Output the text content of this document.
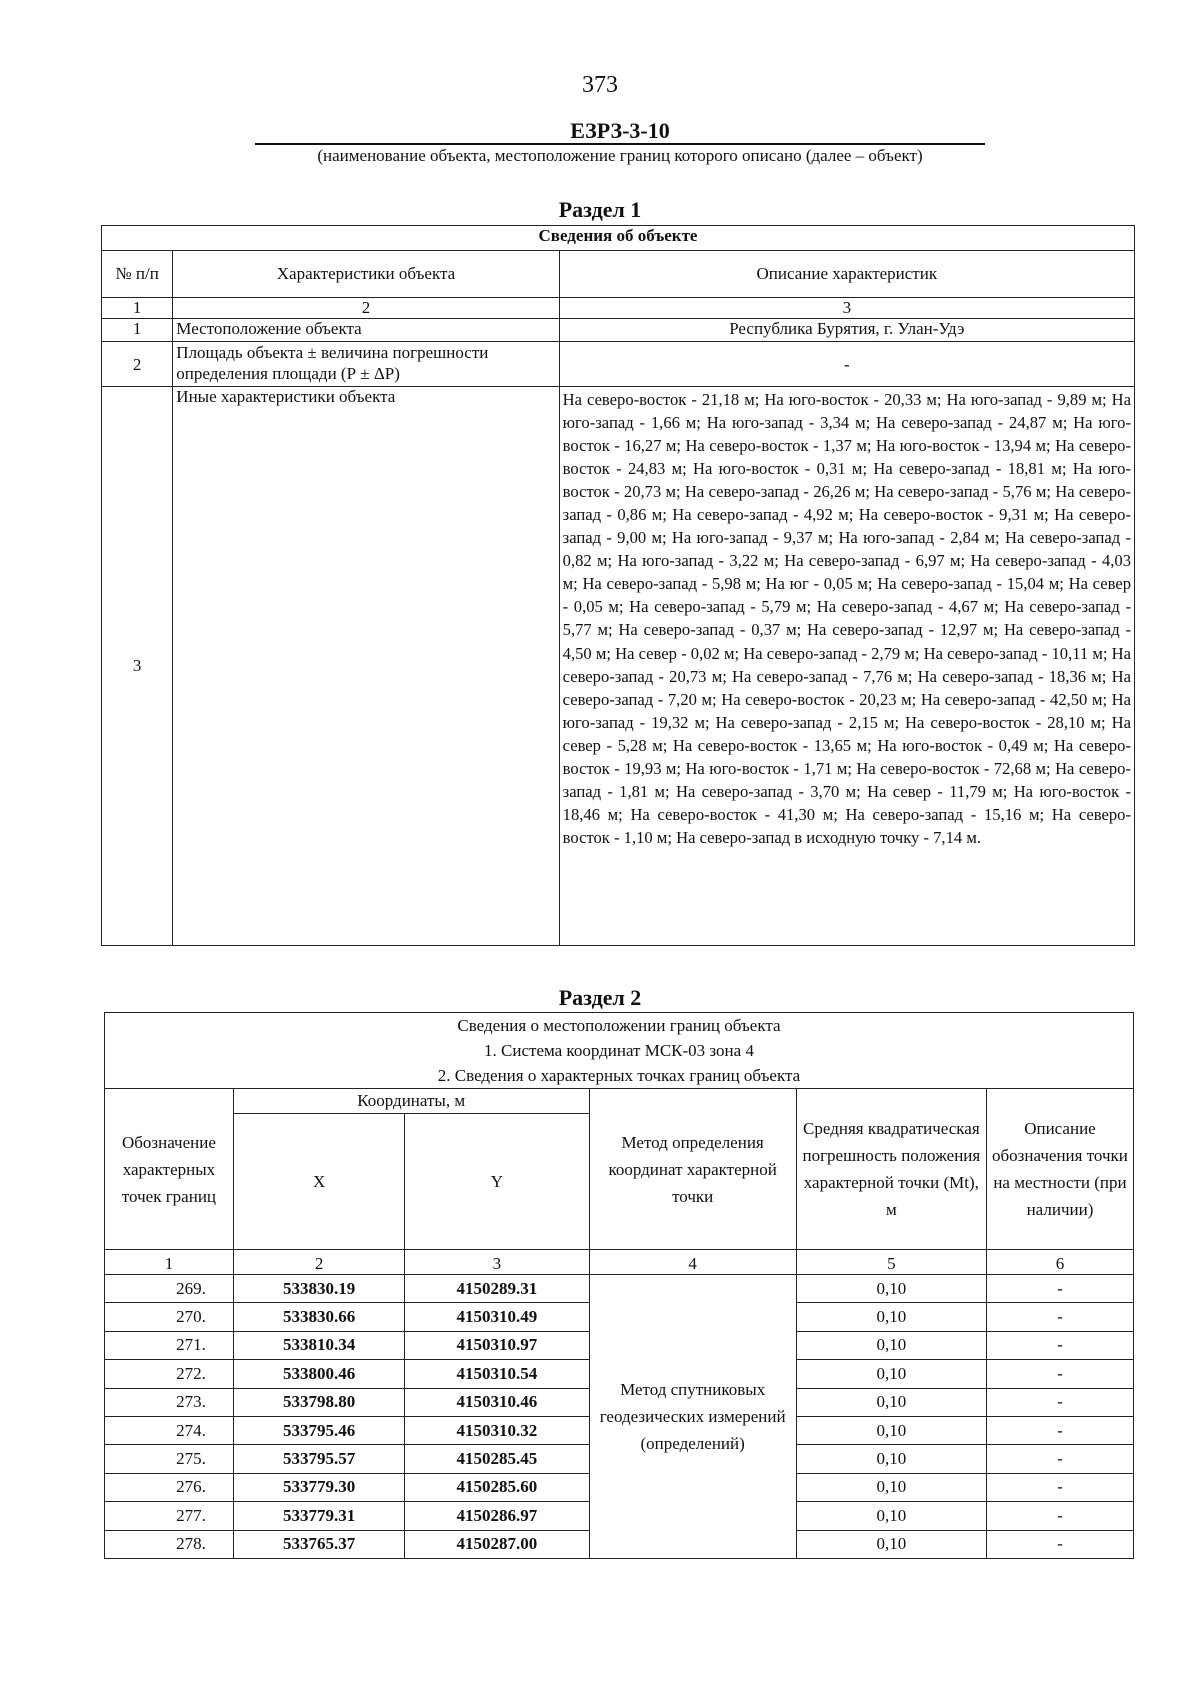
373
ЕЗРЗ-3-10
(наименование объекта, местоположение границ которого описано (далее – объект)
Раздел 1
Сведения об объекте		
№ п/п	Характеристики объекта	Описание характеристик
1	2	3
1	Местоположение объекта	Республика Бурятия, г. Улан-Удэ
2	Площадь объекта ± величина погрешности определения площади (Р ± ΔР)	-
3	Иные характеристики объекта	На северо-восток - 21,18 м; На юго-восток - 20,33 м; На юго-запад - 9,89 м; На юго-запад - 1,66 м; На юго-запад - 3,34 м; На северо-запад - 24,87 м; На юго-восток - 16,27 м; На северо-восток - 1,37 м; На юго-восток - 13,94 м; На северо-восток - 24,83 м; На юго-восток - 0,31 м; На северо-запад - 18,81 м; На юго-восток - 20,73 м; На северо-запад - 26,26 м; На северо-запад - 5,76 м; На северо-запад - 0,86 м; На северо-запад - 4,92 м; На северо-восток - 9,31 м; На северо-запад - 9,00 м; На юго-запад - 9,37 м; На юго-запад - 2,84 м; На северо-запад - 0,82 м; На юго-запад - 3,22 м; На северо-запад - 6,97 м; На северо-запад - 4,03 м; На северо-запад - 5,98 м; На юг - 0,05 м; На северо-запад - 15,04 м; На север - 0,05 м; На северо-запад - 5,79 м; На северо-запад - 4,67 м; На северо-запад - 5,77 м; На северо-запад - 0,37 м; На северо-запад - 12,97 м; На северо-запад - 4,50 м; На север - 0,02 м; На северо-запад - 2,79 м; На северо-запад - 10,11 м; На северо-запад - 20,73 м; На северо-запад - 7,76 м; На северо-запад - 18,36 м; На северо-запад - 7,20 м; На северо-восток - 20,23 м; На северо-запад - 42,50 м; На юго-запад - 19,32 м; На северо-запад - 2,15 м; На северо-восток - 28,10 м; На север - 5,28 м; На северо-восток - 13,65 м; На юго-восток - 0,49 м; На северо-восток - 19,93 м; На юго-восток - 1,71 м; На северо-восток - 72,68 м; На северо-запад - 1,81 м; На северо-запад - 3,70 м; На север - 11,79 м; На юго-восток - 18,46 м; На северо-восток - 41,30 м; На северо-запад - 15,16 м; На северо-восток - 1,10 м; На северо-запад в исходную точку - 7,14 м.
Раздел 2
Сведения о местоположении границ объекта					
1. Система координат МСК-03 зона 4					
2. Сведения о характерных точках границ объекта					
Обозначение характерных точек границ	Координаты, м		Метод определения координат характерной точки	Средняя квадратическая погрешность положения характерной точки (Mt), м	Описание обозначения точки на местности (при наличии)
	X	Y			
1	2	3	4	5	6
269.	533830.19	4150289.31	Метод спутниковых геодезических измерений (определений)	0,10	-
270.	533830.66	4150310.49		0,10	-
271.	533810.34	4150310.97		0,10	-
272.	533800.46	4150310.54		0,10	-
273.	533798.80	4150310.46		0,10	-
274.	533795.46	4150310.32		0,10	-
275.	533795.57	4150285.45		0,10	-
276.	533779.30	4150285.60		0,10	-
277.	533779.31	4150286.97		0,10	-
278.	533765.37	4150287.00		0,10	-
